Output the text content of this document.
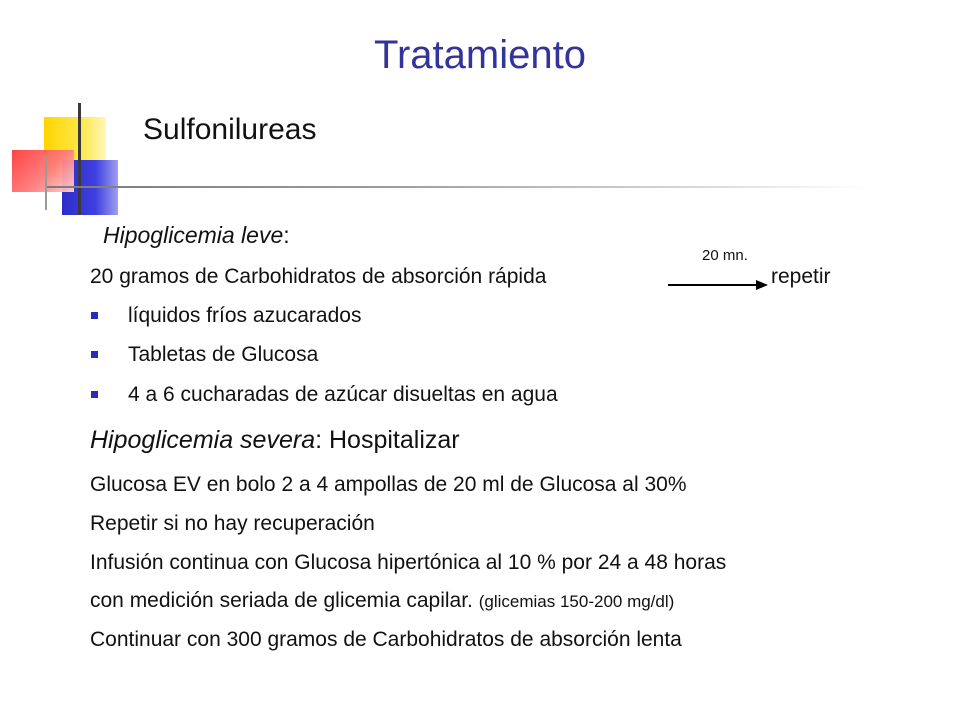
Tratamiento
Sulfonilureas
Hipoglicemia leve:
20 gramos de Carbohidratos de absorción rápida
20 mn.
repetir
líquidos fríos azucarados
Tabletas de Glucosa
4 a 6 cucharadas de azúcar disueltas en agua
Hipoglicemia severa: Hospitalizar
Glucosa EV en bolo 2 a 4 ampollas de 20 ml de Glucosa al 30%
Repetir si no hay recuperación
Infusión continua con Glucosa hipertónica al 10 % por 24 a 48 horas
con medición seriada de glicemia capilar. (glicemias 150-200 mg/dl)
Continuar con 300 gramos de Carbohidratos de absorción lenta
